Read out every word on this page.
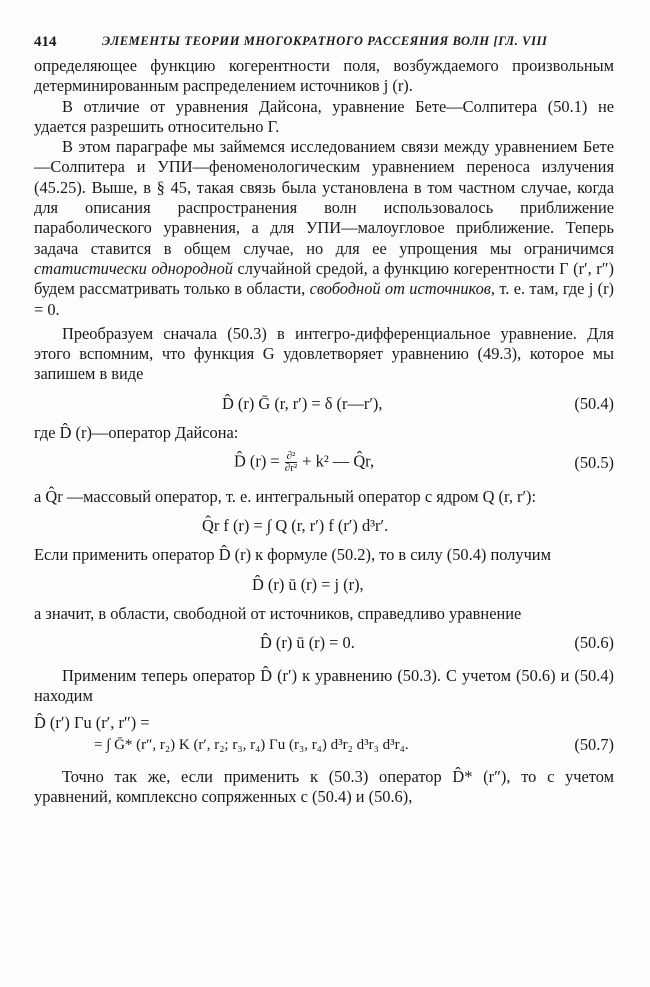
414	ЭЛЕМЕНТЫ ТЕОРИИ МНОГОКРАТНОГО РАССЕЯНИЯ ВОЛН [ГЛ. VIII

определяющее функцию когерентности поля, возбуждаемого произвольным детерминированным распределением источников j (r).

В отличие от уравнения Дайсона, уравнение Бете—Солпитера (50.1) не удается разрешить относительно Г.

В этом параграфе мы займемся исследованием связи между уравнением Бете—Солпитера и УПИ—феноменологическим уравнением переноса излучения (45.25). Выше, в § 45, такая связь была установлена в том частном случае, когда для описания распространения волн использовалось приближение параболического уравнения, а для УПИ—малоугловое приближение. Теперь задача ставится в общем случае, но для ее упрощения мы ограничимся статистически однородной случайной средой, а функцию когерентности Г (r′, r″) будем рассматривать только в области, свободной от источников, т. е. там, где j (r) = 0.

Преобразуем сначала (50.3) в интегро-дифференциальное уравнение. Для этого вспомним, что функция G удовлетворяет уравнению (49.3), которое мы запишем в виде

D̂ (r) Ḡ (r, r′) = δ (r—r′),	(50.4)

где D̂ (r)—оператор Дайсона:

D̂ $(r) = \frac{\text{∂²}}{\text{∂r²}} + k^2$ — Q̂r,	(50.5)

а Q̂r —массовый оператор, т. е. интегральный оператор с ядром Q (r, r′):

Q̂r f (r) = ∫ Q (r, r′) f (r′) d³r′.

Если применить оператор D̂ (r) к формуле (50.2), то в силу (50.4) получим

D̂ (r) ū (r) = j (r),

а значит, в области, свободной от источников, справедливо уравнение

D̂ (r) ū (r) = 0.	(50.6)

Применим теперь оператор D̂ (r′) к уравнению (50.3). С учетом (50.6) и (50.4) находим

D̂ (r′) Гu (r′, r″) =
= ∫ Ḡ* (r″, r₂) K (r′, r₂; r₃, r₄) Гu (r₃, r₄) d³r₂ d³r₃ d³r₄.	(50.7)

Точно так же, если применить к (50.3) оператор D̂* (r″), то с учетом уравнений, комплексно сопряженных с (50.4) и (50.6),
